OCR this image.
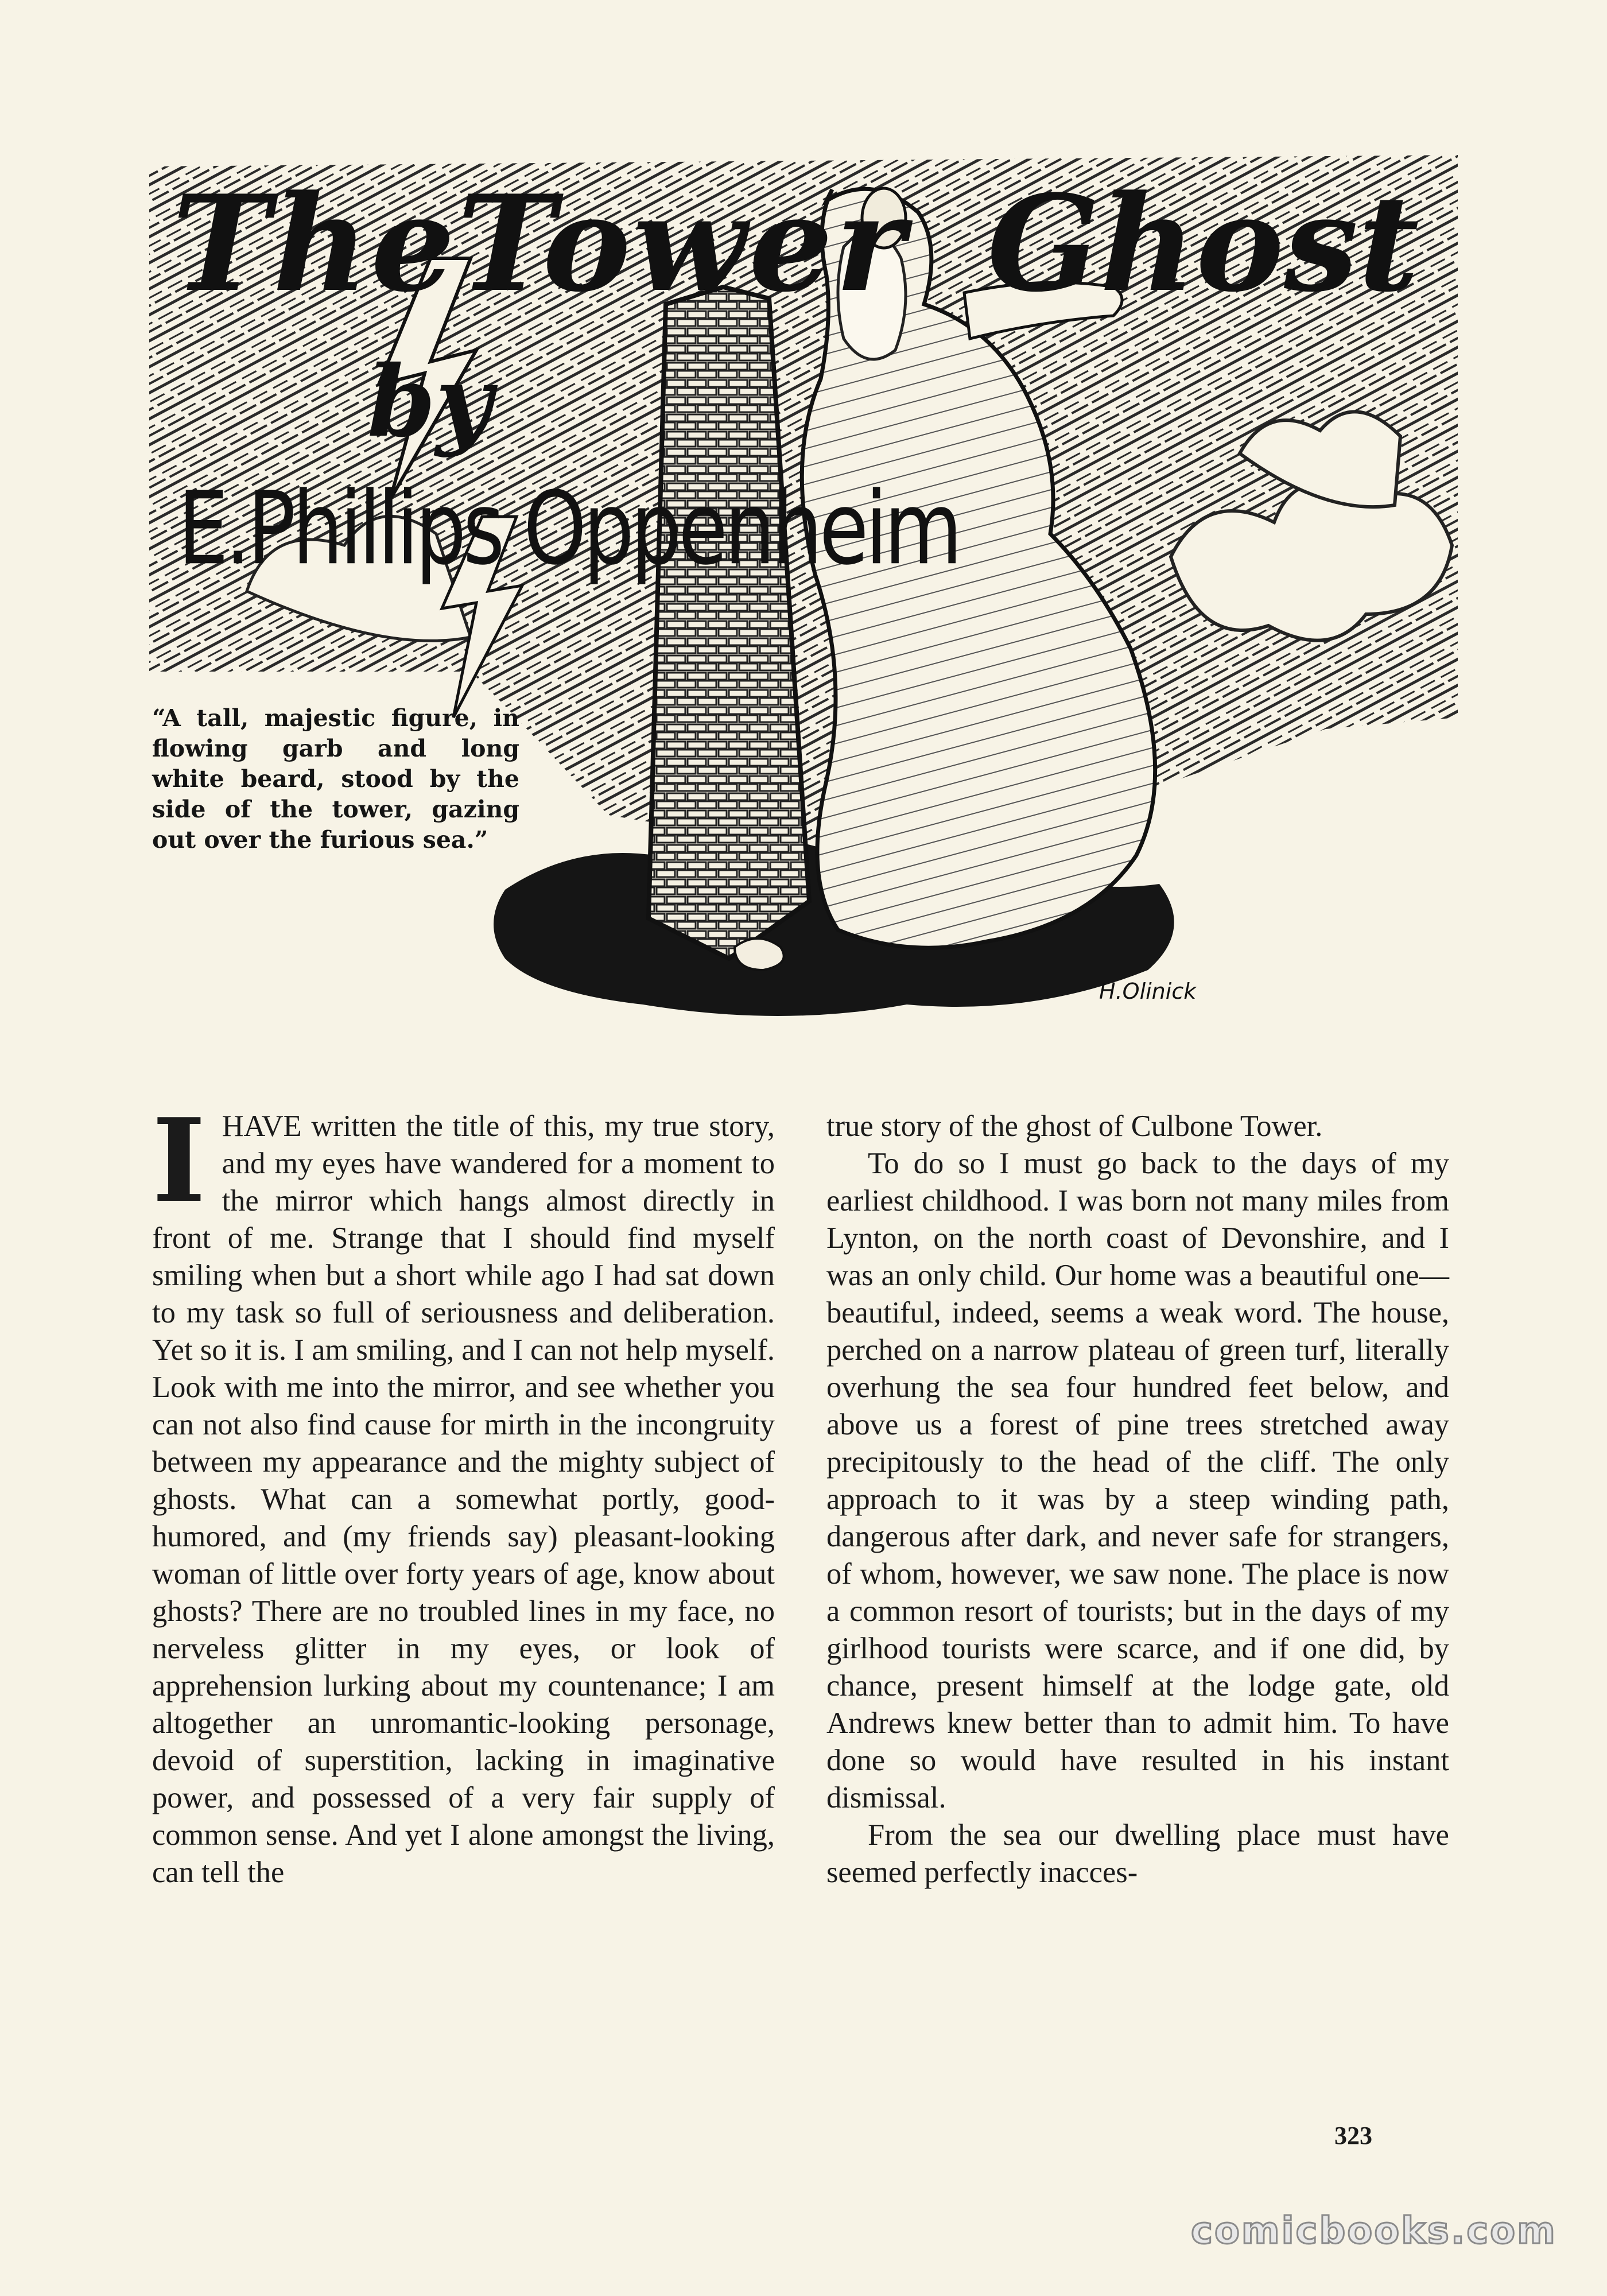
TheTower Ghost
by
E.Phillips Oppenheim
“A tall, majestic figure, in flowing garb and long white beard, stood by the side of the tower, gazing out over the furious sea.”
H.Olinick

IHAVE written the title of this, my true story, and my eyes have wandered for a moment to the mirror which hangs almost directly in front of me. Strange that I should find myself smiling when but a short while ago I had sat down to my task so full of seriousness and deliberation. Yet so it is. I am smiling, and I can not help myself. Look with me into the mirror, and see whether you can not also find cause for mirth in the incongruity between my appearance and the mighty subject of ghosts. What can a somewhat portly, good-humored, and (my friends say) pleasant-looking woman of little over forty years of age, know about ghosts? There are no troubled lines in my face, no nerveless glitter in my eyes, or look of apprehension lurking about my countenance; I am altogether an unromantic-looking personage, devoid of superstition, lacking in imaginative power, and possessed of a very fair supply of common sense. And yet I alone amongst the living, can tell the

true story of the ghost of Culbone Tower.

To do so I must go back to the days of my earliest childhood. I was born not many miles from Lynton, on the north coast of Devonshire, and I was an only child. Our home was a beautiful one—beautiful, indeed, seems a weak word. The house, perched on a narrow plateau of green turf, literally overhung the sea four hundred feet below, and above us a forest of pine trees stretched away precipitously to the head of the cliff. The only approach to it was by a steep winding path, dangerous after dark, and never safe for strangers, of whom, however, we saw none. The place is now a common resort of tourists; but in the days of my girlhood tourists were scarce, and if one did, by chance, present himself at the lodge gate, old Andrews knew better than to admit him. To have done so would have resulted in his instant dismissal.

From the sea our dwelling place must have seemed perfectly inacces-

323
comicbooks.com
